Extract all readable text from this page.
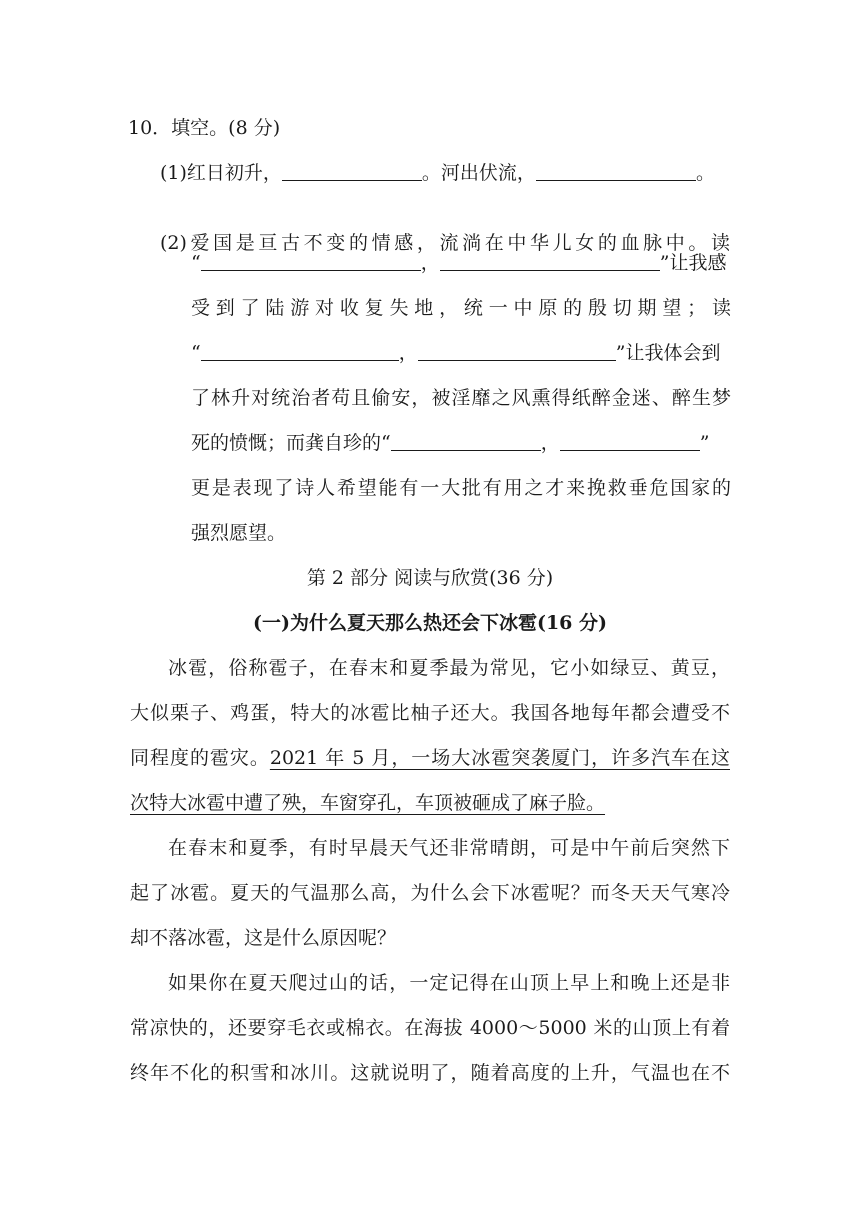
10．填空。(8 分)
(1)红日初升，	。河出伏流，	。
(2)爱国是亘古不变的情感，流淌在中华儿女的血脉中。读
“	，	”让我感
受到了陆游对收复失地，统一中原的殷切期望；读
“	，	”让我体会到
了林升对统治者苟且偷安，被淫靡之风熏得纸醉金迷、醉生梦
死的愤慨；而龚自珍的“	，	”
更是表现了诗人希望能有一大批有用之才来挽救垂危国家的
强烈愿望。
第 2 部分 阅读与欣赏(36 分)
(一)为什么夏天那么热还会下冰雹(16 分)
冰雹，俗称雹子，在春末和夏季最为常见，它小如绿豆、黄豆，
大似栗子、鸡蛋，特大的冰雹比柚子还大。我国各地每年都会遭受不
同程度的雹灾。2021 年 5 月，一场大冰雹突袭厦门，许多汽车在这
次特大冰雹中遭了殃，车窗穿孔，车顶被砸成了麻子脸。
在春末和夏季，有时早晨天气还非常晴朗，可是中午前后突然下
起了冰雹。夏天的气温那么高，为什么会下冰雹呢？而冬天天气寒冷
却不落冰雹，这是什么原因呢？
如果你在夏天爬过山的话，一定记得在山顶上早上和晚上还是非
常凉快的，还要穿毛衣或棉衣。在海拔 4000～5000 米的山顶上有着
终年不化的积雪和冰川。这就说明了，随着高度的上升，气温也在不
